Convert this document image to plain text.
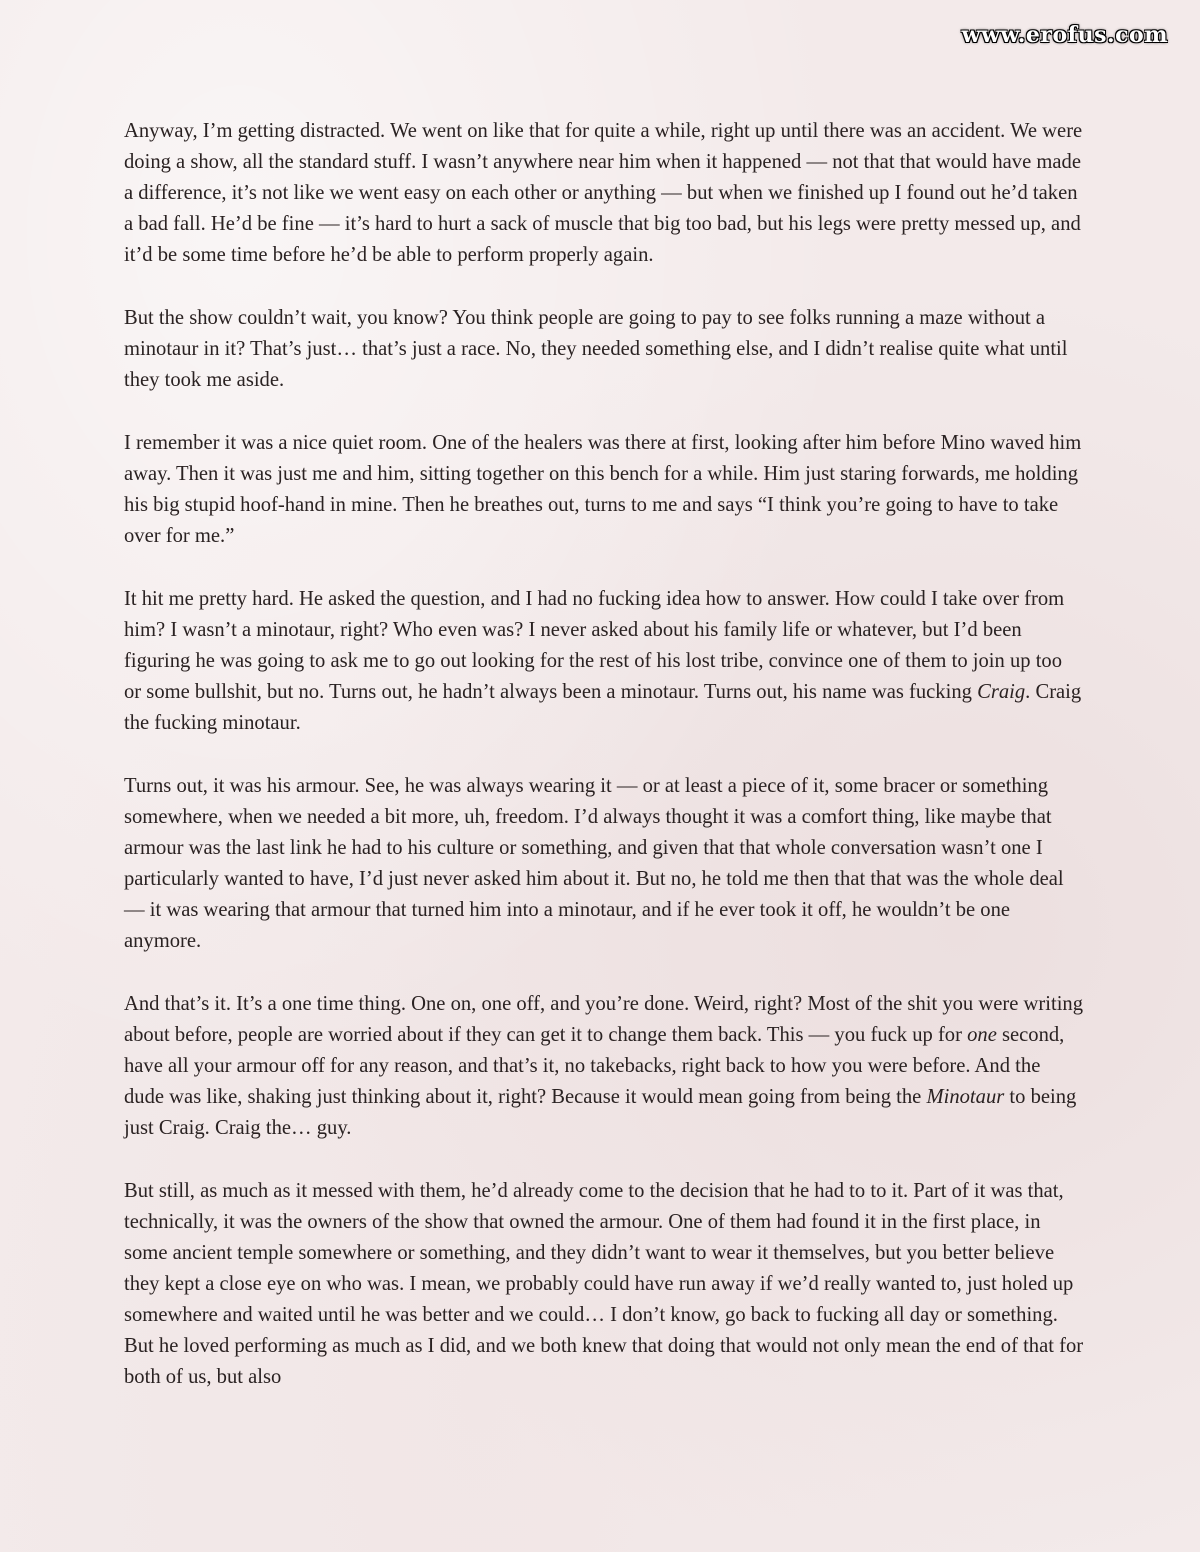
www.erofus.com

Anyway, I’m getting distracted. We went on like that for quite a while, right up until there was an accident. We were doing a show, all the standard stuff. I wasn’t anywhere near him when it happened — not that that would have made a difference, it’s not like we went easy on each other or anything — but when we finished up I found out he’d taken a bad fall. He’d be fine — it’s hard to hurt a sack of muscle that big too bad, but his legs were pretty messed up, and it’d be some time before he’d be able to perform properly again.

But the show couldn’t wait, you know? You think people are going to pay to see folks running a maze without a minotaur in it? That’s just… that’s just a race. No, they needed something else, and I didn’t realise quite what until they took me aside.

I remember it was a nice quiet room. One of the healers was there at first, looking after him before Mino waved him away. Then it was just me and him, sitting together on this bench for a while. Him just staring forwards, me holding his big stupid hoof-hand in mine. Then he breathes out, turns to me and says “I think you’re going to have to take over for me.”

It hit me pretty hard. He asked the question, and I had no fucking idea how to answer. How could I take over from him? I wasn’t a minotaur, right? Who even was? I never asked about his family life or whatever, but I’d been figuring he was going to ask me to go out looking for the rest of his lost tribe, convince one of them to join up too or some bullshit, but no. Turns out, he hadn’t always been a minotaur. Turns out, his name was fucking Craig. Craig the fucking minotaur.

Turns out, it was his armour. See, he was always wearing it — or at least a piece of it, some bracer or something somewhere, when we needed a bit more, uh, freedom. I’d always thought it was a comfort thing, like maybe that armour was the last link he had to his culture or something, and given that that whole conversation wasn’t one I particularly wanted to have, I’d just never asked him about it. But no, he told me then that that was the whole deal — it was wearing that armour that turned him into a minotaur, and if he ever took it off, he wouldn’t be one anymore.

And that’s it. It’s a one time thing. One on, one off, and you’re done. Weird, right? Most of the shit you were writing about before, people are worried about if they can get it to change them back. This — you fuck up for one second, have all your armour off for any reason, and that’s it, no takebacks, right back to how you were before. And the dude was like, shaking just thinking about it, right? Because it would mean going from being the Minotaur to being just Craig. Craig the… guy.

But still, as much as it messed with them, he’d already come to the decision that he had to to it. Part of it was that, technically, it was the owners of the show that owned the armour. One of them had found it in the first place, in some ancient temple somewhere or something, and they didn’t want to wear it themselves, but you better believe they kept a close eye on who was. I mean, we probably could have run away if we’d really wanted to, just holed up somewhere and waited until he was better and we could… I don’t know, go back to fucking all day or something. But he loved performing as much as I did, and we both knew that doing that would not only mean the end of that for both of us, but also
